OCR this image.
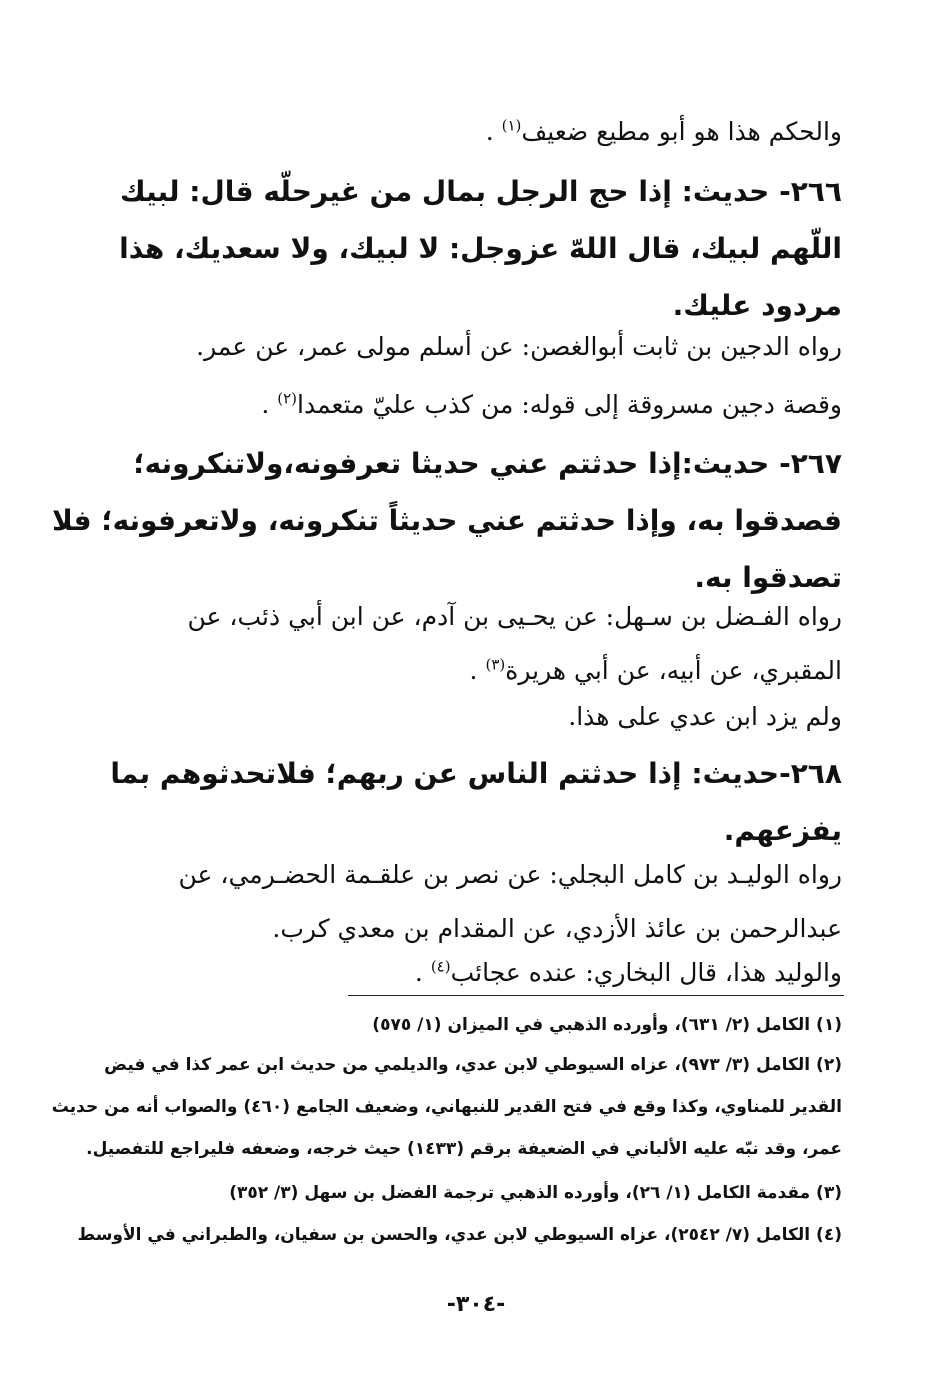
والحكم هذا هو أبو مطيع ضعيف$^{(١)}$ .
٢٦٦- حديث: إذا حج الرجل بمال من غيرحلّه قال: لبيك
اللّهم لبيك، قال اللهّ عزوجل: لا لبيك، ولا سعديك، هذا
مردود عليك.
رواه الدجين بن ثابت أبوالغصن: عن أسلم مولى عمر، عن عمر.
وقصة دجين مسروقة إلى قوله: من كذب عليّ متعمدا$^{(٢)}$ .
٢٦٧- حديث:إذا حدثتم عني حديثا تعرفونه،ولاتنكرونه؛
فصدقوا به، وإذا حدثتم عني حديثاً تنكرونه، ولاتعرفونه؛ فلا
تصدقوا به.
رواه الفـضل بن سـهل: عن يحـيى بن آدم، عن ابن أبي ذئب، عن
المقبري، عن أبيه، عن أبي هريرة$^{(٣)}$ .
ولم يزد ابن عدي على هذا.
٢٦٨-حديث: إذا حدثتم الناس عن ربهم؛ فلاتحدثوهم بما
يفزعهم.
رواه الوليـد بن كامل البجلي: عن نصر بن علقـمة الحضـرمي، عن
عبدالرحمن بن عائذ الأزدي، عن المقدام بن معدي كرب.
والوليد هذا، قال البخاري: عنده عجائب$^{(٤)}$ .
(١) الكامل (٢/ ٦٣١)، وأورده الذهبي في الميزان (١/ ٥٧٥)
(٢) الكامل (٣/ ٩٧٣)، عزاه السيوطي لابن عدي، والديلمي من حديث ابن عمر كذا في فيض
القدير للمناوي، وكذا وقع في فتح القدير للنبهاني، وضعيف الجامع (٤٦٠) والصواب أنه من حديث
عمر، وقد نبّه عليه الألباني في الضعيفة برقم (١٤٣٣) حيث خرجه، وضعفه فليراجع للتفصيل.
(٣) مقدمة الكامل (١/ ٢٦)، وأورده الذهبي ترجمة الفضل بن سهل (٣/ ٣٥٢)
(٤) الكامل (٧/ ٢٥٤٢)، عزاه السيوطي لابن عدي، والحسن بن سفيان، والطبراني في الأوسط
-٣٠٤-
